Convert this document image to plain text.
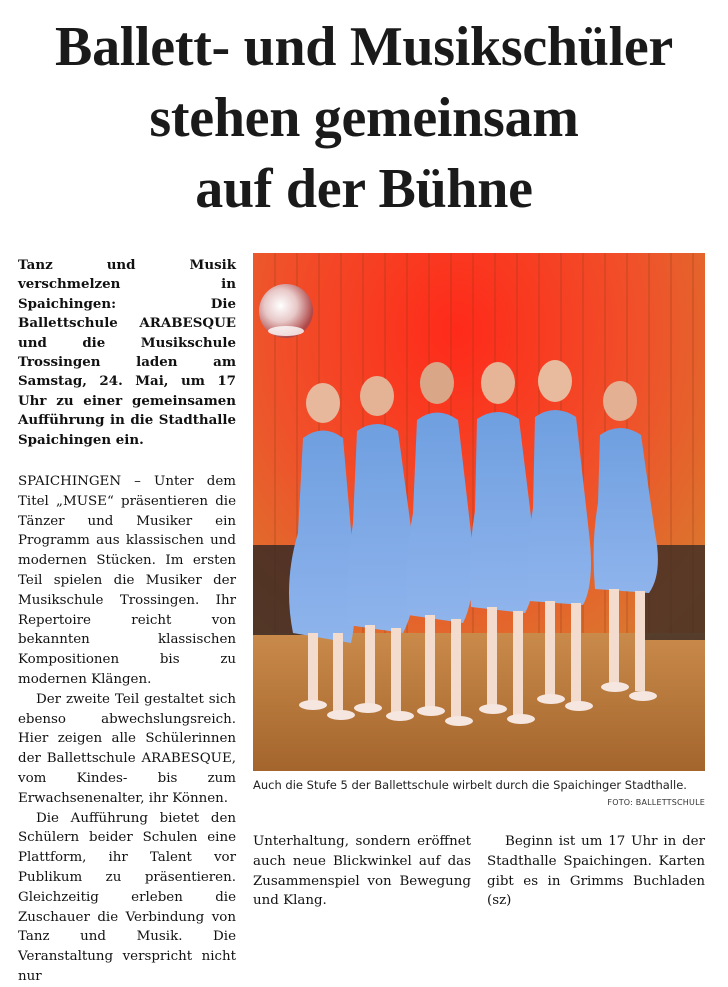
Ballett- und Musikschüler
stehen gemeinsam
auf der Bühne

Tanz und Musik verschmelzen in Spaichingen: Die Ballettschule ARABESQUE und die Musikschule Trossingen laden am Samstag, 24. Mai, um 17 Uhr zu einer gemeinsamen Aufführung in die Stadthalle Spaichingen ein.

SPAICHINGEN – Unter dem Titel „MUSE“ präsentieren die Tänzer und Musiker ein Programm aus klassischen und modernen Stücken. Im ersten Teil spielen die Musiker der Musikschule Trossingen. Ihr Repertoire reicht von bekannten klassischen Kompositionen bis zu modernen Klängen.

Der zweite Teil gestaltet sich ebenso abwechslungsreich. Hier zeigen alle Schülerinnen der Ballettschule ARABESQUE, vom Kindes- bis zum Erwachsenenalter, ihr Können.

Die Aufführung bietet den Schülern beider Schulen eine Plattform, ihr Talent vor Publikum zu präsentieren. Gleichzeitig erleben die Zuschauer die Verbindung von Tanz und Musik. Die Veranstaltung verspricht nicht nur

Auch die Stufe 5 der Ballettschule wirbelt durch die Spaichinger Stadthalle.
FOTO: BALLETTSCHULE

Unterhaltung, sondern eröffnet auch neue Blickwinkel auf das Zusammenspiel von Bewegung und Klang.

Beginn ist um 17 Uhr in der Stadthalle Spaichingen. Karten gibt es in Grimms Buchladen (sz)
